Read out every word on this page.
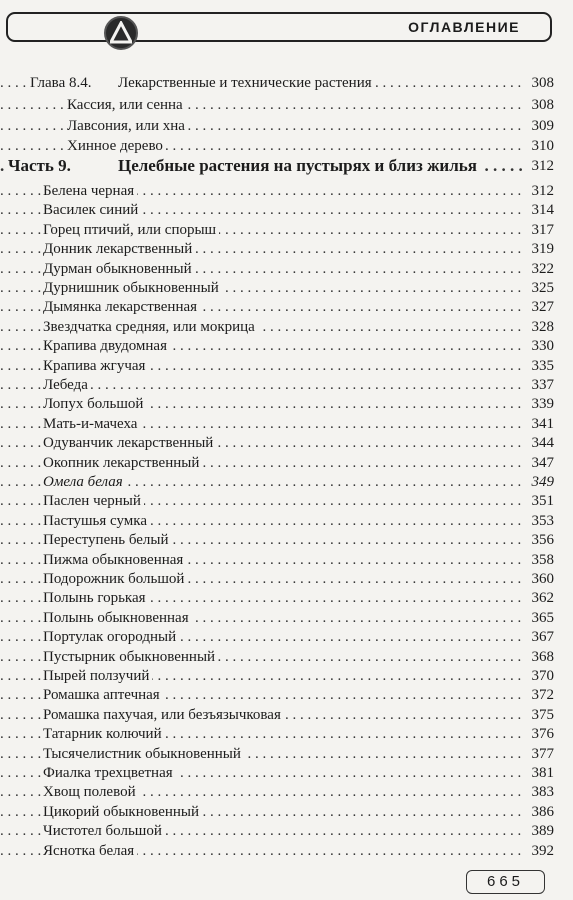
ОГЛАВЛЕНИЕ
Глава 8.4.	Лекарственные и технические растения . . .	308
Кассия, или сенна . . .	308
Лавсония, или хна . . .	309
Хинное дерево . . .	310
Часть 9.	Целебные растения на пустырях и близ жилья . . .	312
Белена черная . . .	312
Василек синий . . .	314
Горец птичий, или спорыш . . .	317
Донник лекарственный . . .	319
Дурман обыкновенный . . .	322
Дурнишник обыкновенный . . .	325
Дымянка лекарственная . . .	327
Звездчатка средняя, или мокрица . . .	328
Крапива двудомная . . .	330
Крапива жгучая . . .	335
Лебеда . . .	337
Лопух большой . . .	339
Мать-и-мачеха . . .	341
Одуванчик лекарственный . . .	344
Окопник лекарственный . . .	347
Омела белая . . .	349
Паслен черный . . .	351
Пастушья сумка . . .	353
Переступень белый . . .	356
Пижма обыкновенная . . .	358
Подорожник большой . . .	360
Полынь горькая . . .	362
Полынь обыкновенная . . .	365
Портулак огородный . . .	367
Пустырник обыкновенный . . .	368
Пырей ползучий . . .	370
Ромашка аптечная . . .	372
Ромашка пахучая, или безъязычковая . . .	375
Татарник колючий . . .	376
Тысячелистник обыкновенный . . .	377
Фиалка трехцветная . . .	381
Хвощ полевой . . .	383
Цикорий обыкновенный . . .	386
Чистотел большой . . .	389
Яснотка белая . . .	392
665
